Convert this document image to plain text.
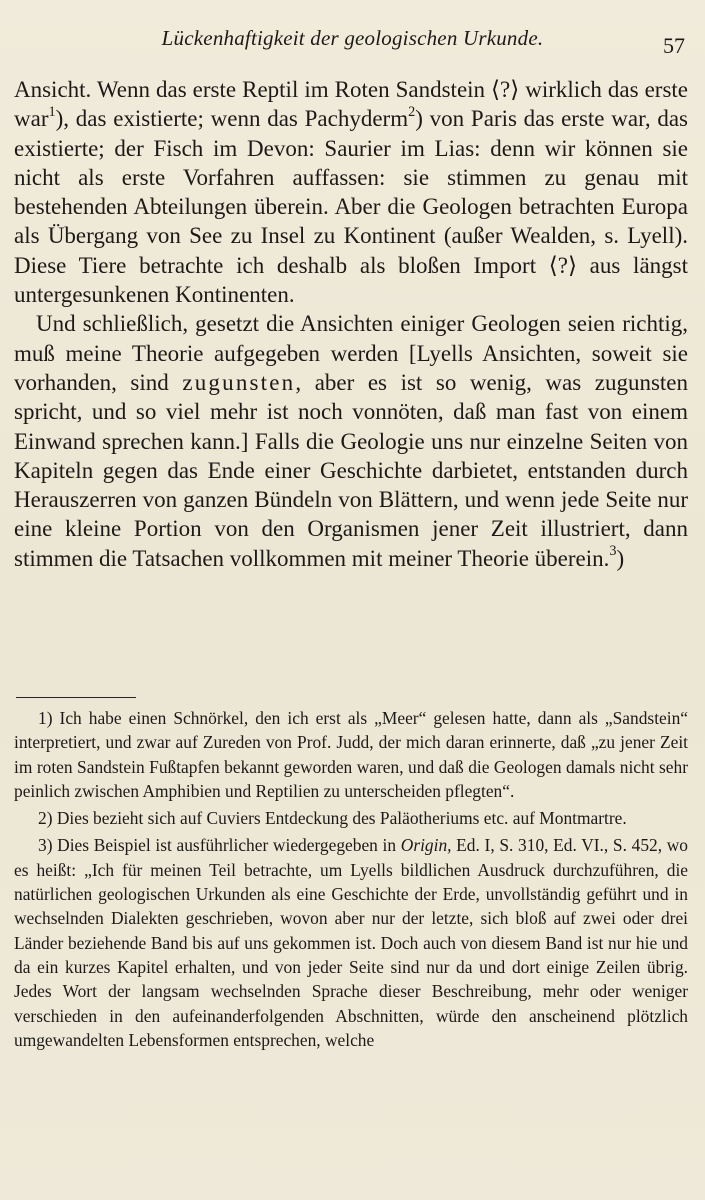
Lückenhaftigkeit der geologischen Urkunde.	57

Ansicht. Wenn das erste Reptil im Roten Sandstein ⟨?⟩ wirklich das erste war$^1$), das existierte; wenn das Pachyderm$^2$) von Paris das erste war, das existierte; der Fisch im Devon: Saurier im Lias: denn wir können sie nicht als erste Vorfahren auffassen: sie stimmen zu genau mit bestehenden Abteilungen überein. Aber die Geologen betrachten Europa als Übergang von See zu Insel zu Kontinent (außer Wealden, s. Lyell). Diese Tiere betrachte ich deshalb als bloßen Import ⟨?⟩ aus längst untergesunkenen Kontinenten.

Und schließlich, gesetzt die Ansichten einiger Geologen seien richtig, muß meine Theorie aufgegeben werden [Lyells Ansichten, soweit sie vorhanden, sind zugunsten, aber es ist so wenig, was zugunsten spricht, und so viel mehr ist noch vonnöten, daß man fast von einem Einwand sprechen kann.] Falls die Geologie uns nur einzelne Seiten von Kapiteln gegen das Ende einer Geschichte darbietet, entstanden durch Herauszerren von ganzen Bündeln von Blättern, und wenn jede Seite nur eine kleine Portion von den Organismen jener Zeit illustriert, dann stimmen die Tatsachen vollkommen mit meiner Theorie überein.$^3$)

1) Ich habe einen Schnörkel, den ich erst als „Meer“ gelesen hatte, dann als „Sandstein“ interpretiert, und zwar auf Zureden von Prof. Judd, der mich daran erinnerte, daß „zu jener Zeit im roten Sandstein Fußtapfen bekannt geworden waren, und daß die Geologen damals nicht sehr peinlich zwischen Amphibien und Reptilien zu unterscheiden pflegten“.

2) Dies bezieht sich auf Cuviers Entdeckung des Paläotheriums etc. auf Montmartre.

3) Dies Beispiel ist ausführlicher wiedergegeben in Origin, Ed. I, S. 310, Ed. VI., S. 452, wo es heißt: „Ich für meinen Teil betrachte, um Lyells bildlichen Ausdruck durchzuführen, die natürlichen geologischen Urkunden als eine Geschichte der Erde, unvollständig geführt und in wechselnden Dialekten geschrieben, wovon aber nur der letzte, sich bloß auf zwei oder drei Länder beziehende Band bis auf uns gekommen ist. Doch auch von diesem Band ist nur hie und da ein kurzes Kapitel erhalten, und von jeder Seite sind nur da und dort einige Zeilen übrig. Jedes Wort der langsam wechselnden Sprache dieser Beschreibung, mehr oder weniger verschieden in den aufeinanderfolgenden Abschnitten, würde den anscheinend plötzlich umgewandelten Lebensformen entsprechen, welche
